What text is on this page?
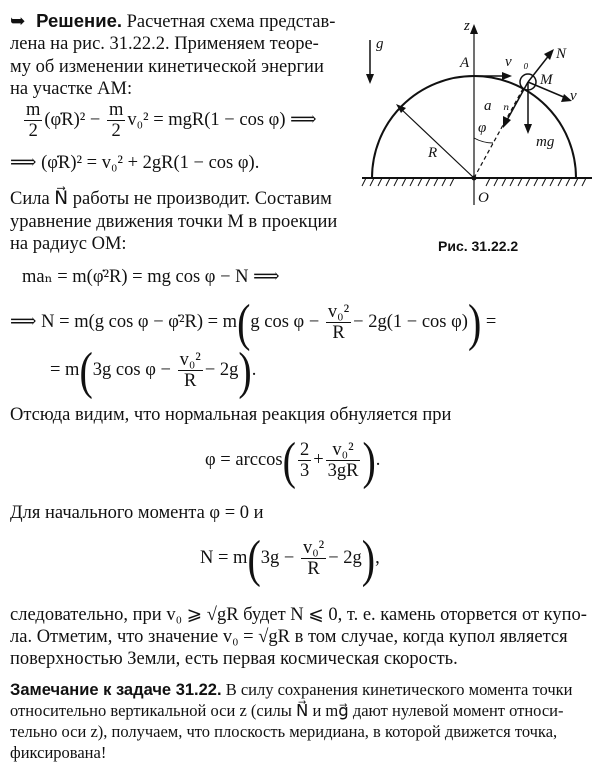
➥ Решение. Расчетная схема представ-
лена на рис. 31.22.2. Применяем теоре-
му об изменении кинетической энергии
на участке AM:
$\frac{m}{2}$ (φ̇R)² − $\frac{m}{2} v_0^2 = mgR(1 - \cos \varphi)$ ⟹
⟹ (φ̇R)² = v₀² + 2gR(1 − cos φ).
Сила N⃗ работы не производит. Составим
уравнение движения точки M в проекции
на радиус OM:
maₙ = m(φ̇²R) = mg cos φ − N ⟹
⟹ N = m(g cos φ − φ̇²R) = m(g $\cos \varphi - \frac{\text{v₀²}}{R} - 2g(1 - \cos \varphi)$) =
= m(3g $\cos \varphi - \frac{\text{v₀²}}{R} - 2g$).
Отсюда видим, что нормальная реакция обнуляется при
$\varphi = \arccos( \frac{2}{3} + \frac{\text{v₀²}}{3gR}$ ).
Для начального момента φ = 0 и
$N = m(3g - \frac{\text{v₀²}}{R} - 2g)$,
следовательно, при v₀ ⩾ √gR будет N ⩽ 0, т. е. камень оторвется от купо-
ла. Отметим, что значение v₀ = √gR в том случае, когда купол является
поверхностью Земли, есть первая космическая скорость.
Замечание к задаче 31.22. В силу сохранения кинетического момента точки
относительно вертикальной оси z (силы N⃗ и mg⃗ дают нулевой момент относи-
тельно оси z), получаем, что плоскость меридиана, в которой движется точка,
фиксирована!
g⃗
z
A v⃗₀ N⃗
M
v⃗
a⃗ₙ
φ
mg⃗
R
O
Рис. 31.22.2
